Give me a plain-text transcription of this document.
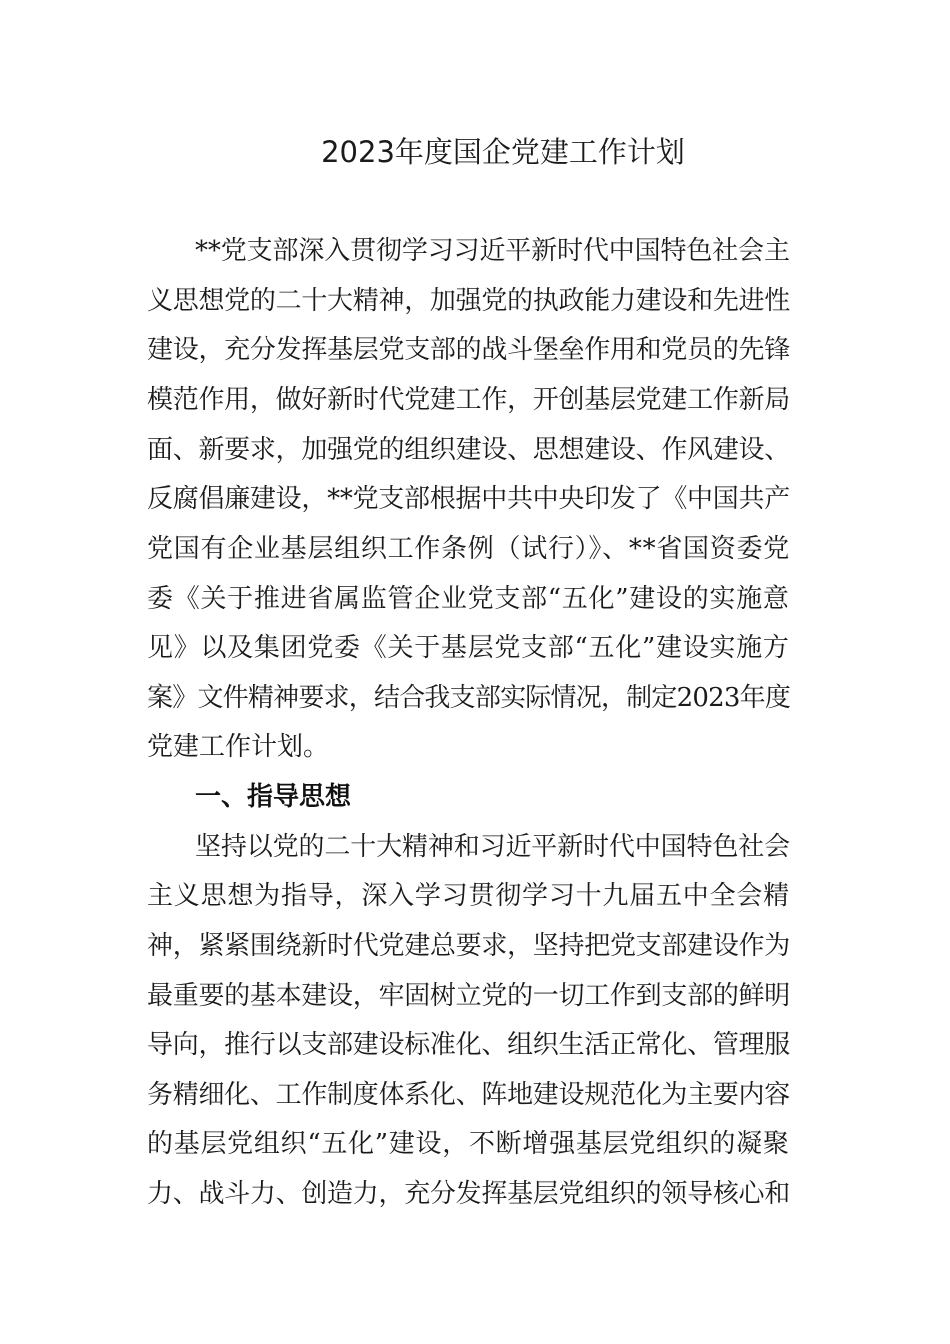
2023年度国企党建工作计划

**党支部深入贯彻学习习近平新时代中国特色社会主

义思想党的二十大精神，加强党的执政能力建设和先进性

建设，充分发挥基层党支部的战斗堡垒作用和党员的先锋

模范作用，做好新时代党建工作，开创基层党建工作新局

面、新要求，加强党的组织建设、思想建设、作风建设、

反腐倡廉建设，**党支部根据中共中央印发了《中国共产

党国有企业基层组织工作条例（试行）》、**省国资委党

委《关于推进省属监管企业党支部“五化”建设的实施意

见》以及集团党委《关于基层党支部“五化”建设实施方

案》文件精神要求，结合我支部实际情况，制定2023年度

党建工作计划。

一、指导思想

坚持以党的二十大精神和习近平新时代中国特色社会

主义思想为指导，深入学习贯彻学习十九届五中全会精

神，紧紧围绕新时代党建总要求，坚持把党支部建设作为

最重要的基本建设，牢固树立党的一切工作到支部的鲜明

导向，推行以支部建设标准化、组织生活正常化、管理服

务精细化、工作制度体系化、阵地建设规范化为主要内容

的基层党组织“五化”建设，不断增强基层党组织的凝聚

力、战斗力、创造力，充分发挥基层党组织的领导核心和
